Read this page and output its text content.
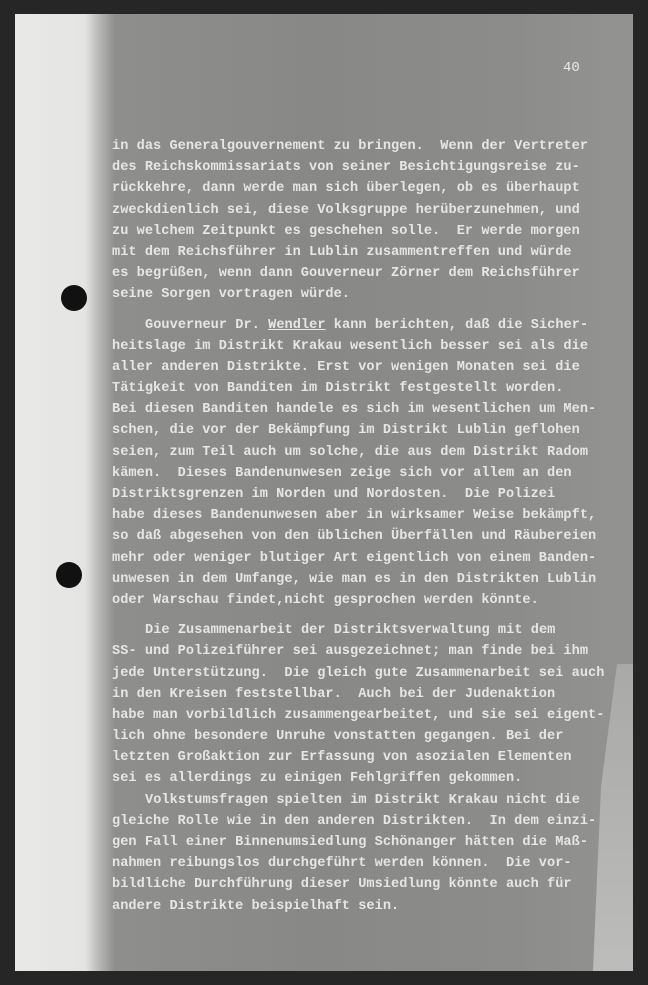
40
in das Generalgouvernement zu bringen.  Wenn der Vertreter
des Reichskommissariats von seiner Besichtigungsreise zu-
rückkehre, dann werde man sich überlegen, ob es überhaupt
zweckdienlich sei, diese Volksgruppe herüberzunehmen, und
zu welchem Zeitpunkt es geschehen solle.  Er werde morgen
mit dem Reichsführer in Lublin zusammentreffen und würde
es begrüßen, wenn dann Gouverneur Zörner dem Reichsführer
seine Sorgen vortragen würde.
Gouverneur Dr. Wendler kann berichten, daß die Sicher-
heitslage im Distrikt Krakau wesentlich besser sei als die
aller anderen Distrikte. Erst vor wenigen Monaten sei die
Tätigkeit von Banditen im Distrikt festgestellt worden.
Bei diesen Banditen handele es sich im wesentlichen um Men-
schen, die vor der Bekämpfung im Distrikt Lublin geflohen
seien, zum Teil auch um solche, die aus dem Distrikt Radom
kämen.  Dieses Bandenunwesen zeige sich vor allem an den
Distriktsgrenzen im Norden und Nordosten.  Die Polizei
habe dieses Bandenunwesen aber in wirksamer Weise bekämpft,
so daß abgesehen von den üblichen Überfällen und Räubereien
mehr oder weniger blutiger Art eigentlich von einem Banden-
unwesen in dem Umfange, wie man es in den Distrikten Lublin
oder Warschau findet,nicht gesprochen werden könnte.
Die Zusammenarbeit der Distriktsverwaltung mit dem
SS- und Polizeiführer sei ausgezeichnet; man finde bei ihm
jede Unterstützung.  Die gleich gute Zusammenarbeit sei auch
in den Kreisen feststellbar.  Auch bei der Judenaktion
habe man vorbildlich zusammengearbeitet, und sie sei eigent-
lich ohne besondere Unruhe vonstatten gegangen. Bei der
letzten Großaktion zur Erfassung von asozialen Elementen
sei es allerdings zu einigen Fehlgriffen gekommen.
Volkstumsfragen spielten im Distrikt Krakau nicht die
gleiche Rolle wie in den anderen Distrikten.  In dem einzi-
gen Fall einer Binnenumsiedlung Schönanger hätten die Maß-
nahmen reibungslos durchgeführt werden können.  Die vor-
bildliche Durchführung dieser Umsiedlung könnte auch für
andere Distrikte beispielhaft sein.
